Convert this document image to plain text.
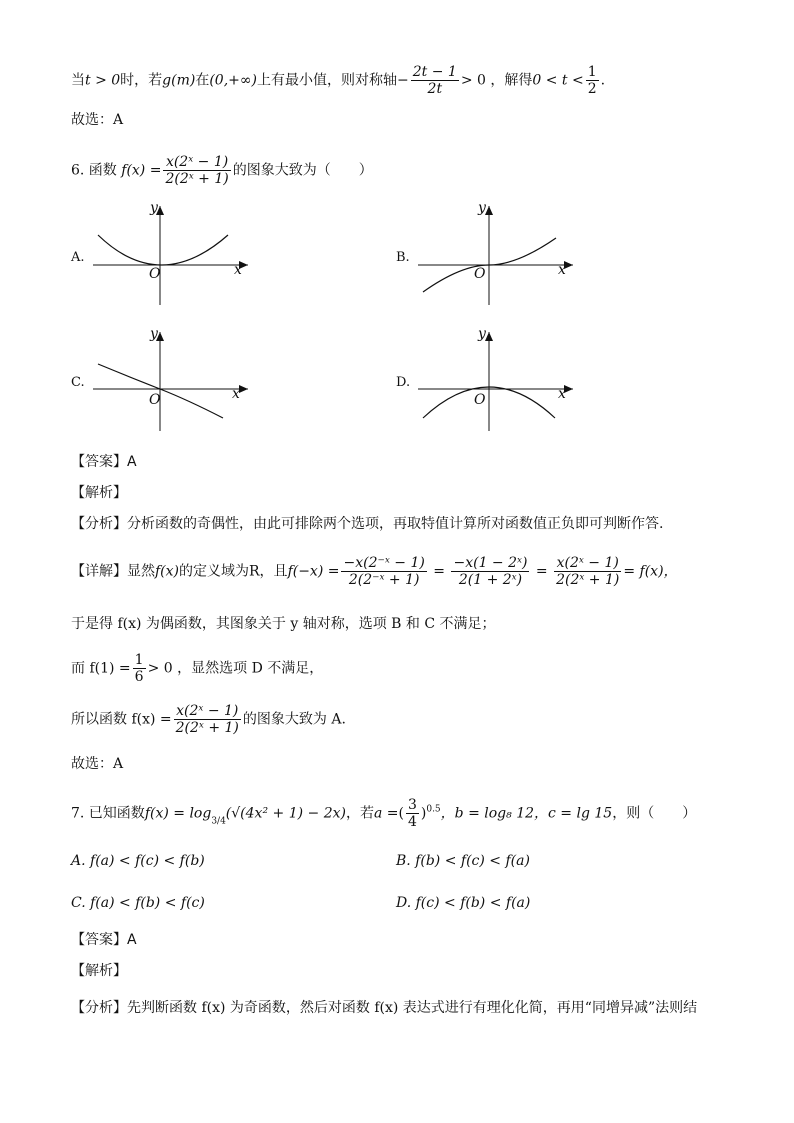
当t > 0时，若g(m)在(0,+∞)上有最小值，则对称轴− $\frac{2t - 1}{2t} > 0$ ，解得$0 < t < \frac{1}{2}$ .
故选：A
6. 函数 $f(x) = \frac{\text{x(2ˣ − 1)}}{\text{2(2ˣ + 1)}}$ 的图象大致为（　　）
A.
y
x
O
B.
y
x
O
C.
y
x
O
D.
y
x
O
【答案】A
【解析】
【分析】分析函数的奇偶性，由此可排除两个选项，再取特值计算所对函数值正负即可判断作答.
【详解】显然f(x)的定义域为R，且$f(-x) = \frac{\text{−x(2⁻ˣ − 1)}}{\text{2(2⁻ˣ + 1)}} = \frac{\text{−x(1 − 2ˣ)}}{\text{2(1 + 2ˣ)}} = \frac{\text{x(2ˣ − 1)}}{\text{2(2ˣ + 1)}} = f(x)$，
于是得 f(x) 为偶函数，其图象关于 y 轴对称，选项 B 和 C 不满足；
而 $f(1) = \frac{1}{6} > 0$ ，显然选项 D 不满足，
所以函数 $f(x) = \frac{\text{x(2ˣ − 1)}}{\text{2(2ˣ + 1)}}$ 的图象大致为 A.
故选：A
7. 已知函数$f(x) = \log_{3/4}(√(4x^2 + 1) - 2x)$，若a =( $\frac{3}{4} )^{0.5}$，b = log₈ 12，c = lg 15，则（　　）
A. f(a) < f(c) < f(b)	B. f(b) < f(c) < f(a)
C. f(a) < f(b) < f(c)	D. f(c) < f(b) < f(a)
【答案】A
【解析】
【分析】先判断函数 f(x) 为奇函数，然后对函数 f(x) 表达式进行有理化化简，再用“同增异减”法则结
